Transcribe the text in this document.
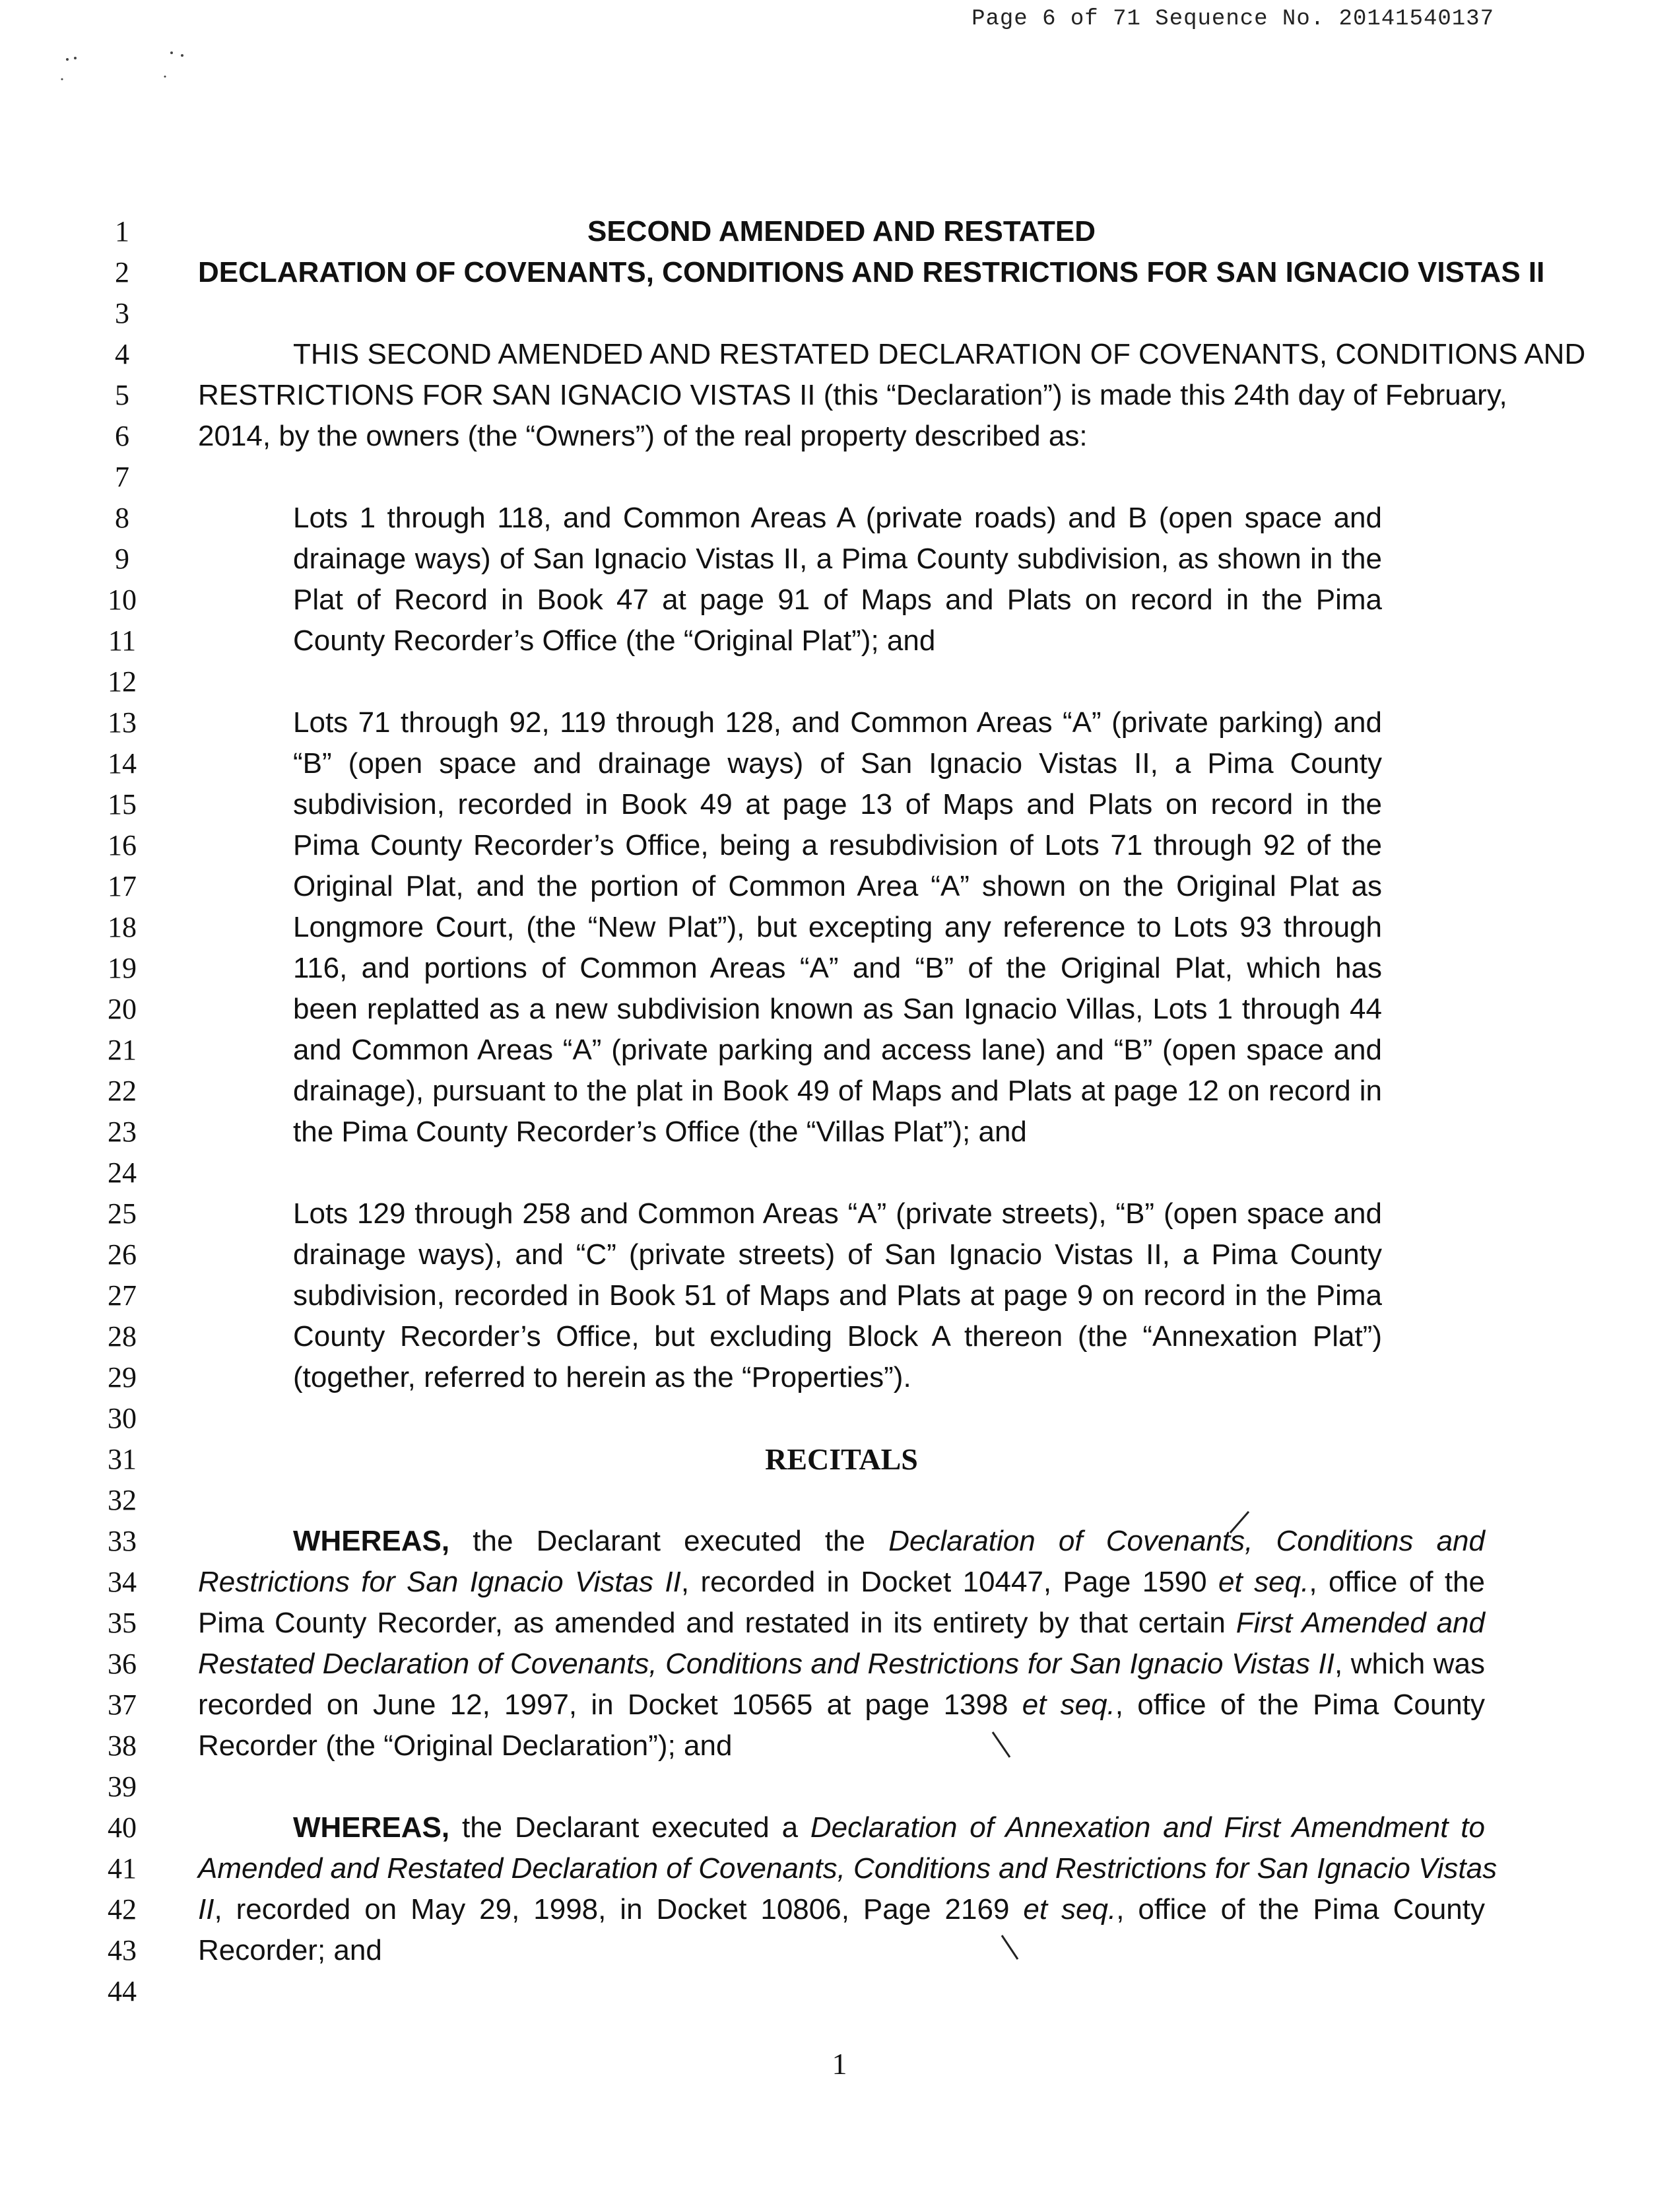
Page 6 of 71 Sequence No. 20141540137
1
2
3
4
5
6
7
8
9
10
11
12
13
14
15
16
17
18
19
20
21
22
23
24
25
26
27
28
29
30
31
32
33
34
35
36
37
38
39
40
41
42
43
44
SECOND AMENDED AND RESTATED
DECLARATION OF COVENANTS, CONDITIONS AND RESTRICTIONS FOR SAN IGNACIO VISTAS II
THIS SECOND AMENDED AND RESTATED DECLARATION OF COVENANTS, CONDITIONS AND
RESTRICTIONS FOR SAN IGNACIO VISTAS II (this “Declaration”) is made this 24th day of February,
2014, by the owners (the “Owners”) of the real property described as:
Lots 1 through 118, and Common Areas A (private roads) and B (open space and
drainage ways) of San Ignacio Vistas II, a Pima County subdivision, as shown in the
Plat of Record in Book 47 at page 91 of Maps and Plats on record in the Pima
County Recorder’s Office (the “Original Plat”); and
Lots 71 through 92, 119 through 128, and Common Areas “A” (private parking) and
“B” (open space and drainage ways) of San Ignacio Vistas II, a Pima County
subdivision, recorded in Book 49 at page 13 of Maps and Plats on record in the
Pima County Recorder’s Office, being a resubdivision of Lots 71 through 92 of the
Original Plat, and the portion of Common Area “A” shown on the Original Plat as
Longmore Court, (the “New Plat”), but excepting any reference to Lots 93 through
116, and portions of Common Areas “A” and “B” of the Original Plat, which has
been replatted as a new subdivision known as San Ignacio Villas, Lots 1 through 44
and Common Areas “A” (private parking and access lane) and “B” (open space and
drainage), pursuant to the plat in Book 49 of Maps and Plats at page 12 on record in
the Pima County Recorder’s Office (the “Villas Plat”); and
Lots 129 through 258 and Common Areas “A” (private streets), “B” (open space and
drainage ways), and “C” (private streets) of San Ignacio Vistas II, a Pima County
subdivision, recorded in Book 51 of Maps and Plats at page 9 on record in the Pima
County Recorder’s Office, but excluding Block A thereon (the “Annexation Plat”)
(together, referred to herein as the “Properties”).
RECITALS
WHEREAS, the Declarant executed the Declaration of Covenants, Conditions and
Restrictions for San Ignacio Vistas II, recorded in Docket 10447, Page 1590 et seq., office of the
Pima County Recorder, as amended and restated in its entirety by that certain First Amended and
Restated Declaration of Covenants, Conditions and Restrictions for San Ignacio Vistas II, which was
recorded on June 12, 1997, in Docket 10565 at page 1398 et seq., office of the Pima County
Recorder (the “Original Declaration”); and
WHEREAS, the Declarant executed a Declaration of Annexation and First Amendment to
Amended and Restated Declaration of Covenants, Conditions and Restrictions for San Ignacio Vistas
II, recorded on May 29, 1998, in Docket 10806, Page 2169 et seq., office of the Pima County
Recorder; and
1
